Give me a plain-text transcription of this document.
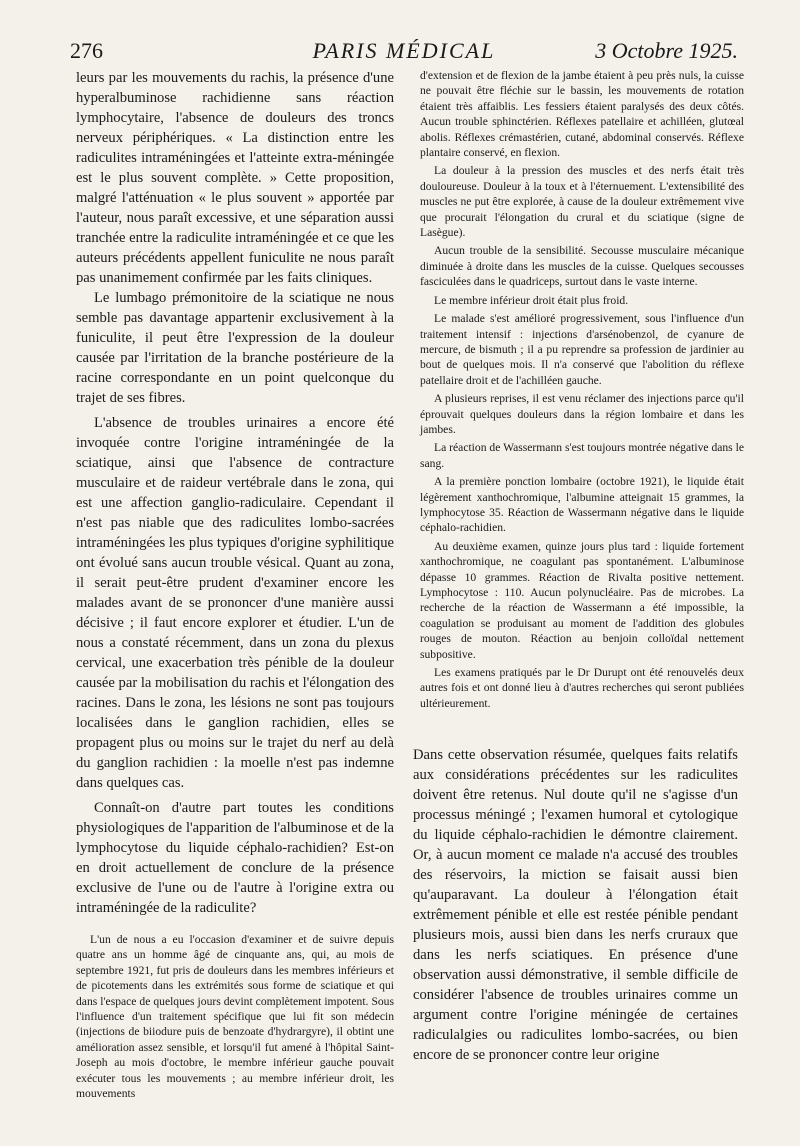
276	PARIS MÉDICAL	3 Octobre 1925.

leurs par les mouvements du rachis, la présence d'une hyperalbuminose rachidienne sans réaction lymphocytaire, l'absence de douleurs des troncs nerveux périphériques. « La distinction entre les radiculites intraméningées et l'atteinte extra-méningée est le plus souvent complète. » Cette proposition, malgré l'atténuation « le plus souvent » apportée par l'auteur, nous paraît excessive, et une séparation aussi tranchée entre la radiculite intraméningée et ce que les auteurs précédents appellent funiculite ne nous paraît pas unanimement confirmée par les faits cliniques.

Le lumbago prémonitoire de la sciatique ne nous semble pas davantage appartenir exclusivement à la funiculite, il peut être l'expression de la douleur causée par l'irritation de la branche postérieure de la racine correspondante en un point quelconque du trajet de ses fibres.

L'absence de troubles urinaires a encore été invoquée contre l'origine intraméningée de la sciatique, ainsi que l'absence de contracture musculaire et de raideur vertébrale dans le zona, qui est une affection ganglio-radiculaire. Cependant il n'est pas niable que des radiculites lombo-sacrées intraméningées les plus typiques d'origine syphilitique ont évolué sans aucun trouble vésical. Quant au zona, il serait peut-être prudent d'examiner encore les malades avant de se prononcer d'une manière aussi décisive ; il faut encore explorer et étudier. L'un de nous a constaté récemment, dans un zona du plexus cervical, une exacerbation très pénible de la douleur causée par la mobilisation du rachis et l'élongation des racines. Dans le zona, les lésions ne sont pas toujours localisées dans le ganglion rachidien, elles se propagent plus ou moins sur le trajet du nerf au delà du ganglion rachidien : la moelle n'est pas indemne dans quelques cas.

Connaît-on d'autre part toutes les conditions physiologiques de l'apparition de l'albuminose et de la lymphocytose du liquide céphalo-rachidien? Est-on en droit actuellement de conclure de la présence exclusive de l'une ou de l'autre à l'origine extra ou intraméningée de la radiculite?

L'un de nous a eu l'occasion d'examiner et de suivre depuis quatre ans un homme âgé de cinquante ans, qui, au mois de septembre 1921, fut pris de douleurs dans les membres inférieurs et de picotements dans les extrémités sous forme de sciatique et qui dans l'espace de quelques jours devint complètement impotent. Sous l'influence d'un traitement spécifique que lui fit son médecin (injections de biiodure puis de benzoate d'hydrargyre), il obtint une amélioration assez sensible, et lorsqu'il fut amené à l'hôpital Saint-Joseph au mois d'octobre, le membre inférieur gauche pouvait exécuter tous les mouvements ; au membre inférieur droit, les mouvements

d'extension et de flexion de la jambe étaient à peu près nuls, la cuisse ne pouvait être fléchie sur le bassin, les mouvements de rotation étaient très affaiblis. Les fessiers étaient paralysés des deux côtés. Aucun trouble sphinctérien. Réflexes patellaire et achilléen, glutœal abolis. Réflexes crémastérien, cutané, abdominal conservés. Réflexe plantaire conservé, en flexion.

La douleur à la pression des muscles et des nerfs était très douloureuse. Douleur à la toux et à l'éternuement. L'extensibilité des muscles ne put être explorée, à cause de la douleur extrêmement vive que procurait l'élongation du crural et du sciatique (signe de Lasègue).

Aucun trouble de la sensibilité. Secousse musculaire mécanique diminuée à droite dans les muscles de la cuisse. Quelques secousses fasciculées dans le quadriceps, surtout dans le vaste interne.

Le membre inférieur droit était plus froid.

Le malade s'est amélioré progressivement, sous l'influence d'un traitement intensif : injections d'arsénobenzol, de cyanure de mercure, de bismuth ; il a pu reprendre sa profession de jardinier au bout de quelques mois. Il n'a conservé que l'abolition du réflexe patellaire droit et de l'achilléen gauche.

A plusieurs reprises, il est venu réclamer des injections parce qu'il éprouvait quelques douleurs dans la région lombaire et dans les jambes.

La réaction de Wassermann s'est toujours montrée négative dans le sang.

A la première ponction lombaire (octobre 1921), le liquide était légèrement xanthochromique, l'albumine atteignait 15 grammes, la lymphocytose 35. Réaction de Wassermann négative dans le liquide céphalo-rachidien.

Au deuxième examen, quinze jours plus tard : liquide fortement xanthochromique, ne coagulant pas spontanément. L'albuminose dépasse 10 grammes. Réaction de Rivalta positive nettement. Lymphocytose : 110. Aucun polynucléaire. Pas de microbes. La recherche de la réaction de Wassermann a été impossible, la coagulation se produisant au moment de l'addition des globules rouges de mouton. Réaction au benjoin colloïdal nettement subpositive.

Les examens pratiqués par le Dr Durupt ont été renouvelés deux autres fois et ont donné lieu à d'autres recherches qui seront publiées ultérieurement.

Dans cette observation résumée, quelques faits relatifs aux considérations précédentes sur les radiculites doivent être retenus. Nul doute qu'il ne s'agisse d'un processus méningé ; l'examen humoral et cytologique du liquide céphalo-rachidien le démontre clairement. Or, à aucun moment ce malade n'a accusé des troubles des réservoirs, la miction se faisait aussi bien qu'auparavant. La douleur à l'élongation était extrêmement pénible et elle est restée pénible pendant plusieurs mois, aussi bien dans les nerfs cruraux que dans les nerfs sciatiques. En présence d'une observation aussi démonstrative, il semble difficile de considérer l'absence de troubles urinaires comme un argument contre l'origine méningée de certaines radiculalgies ou radiculites lombo-sacrées, ou bien encore de se prononcer contre leur origine
